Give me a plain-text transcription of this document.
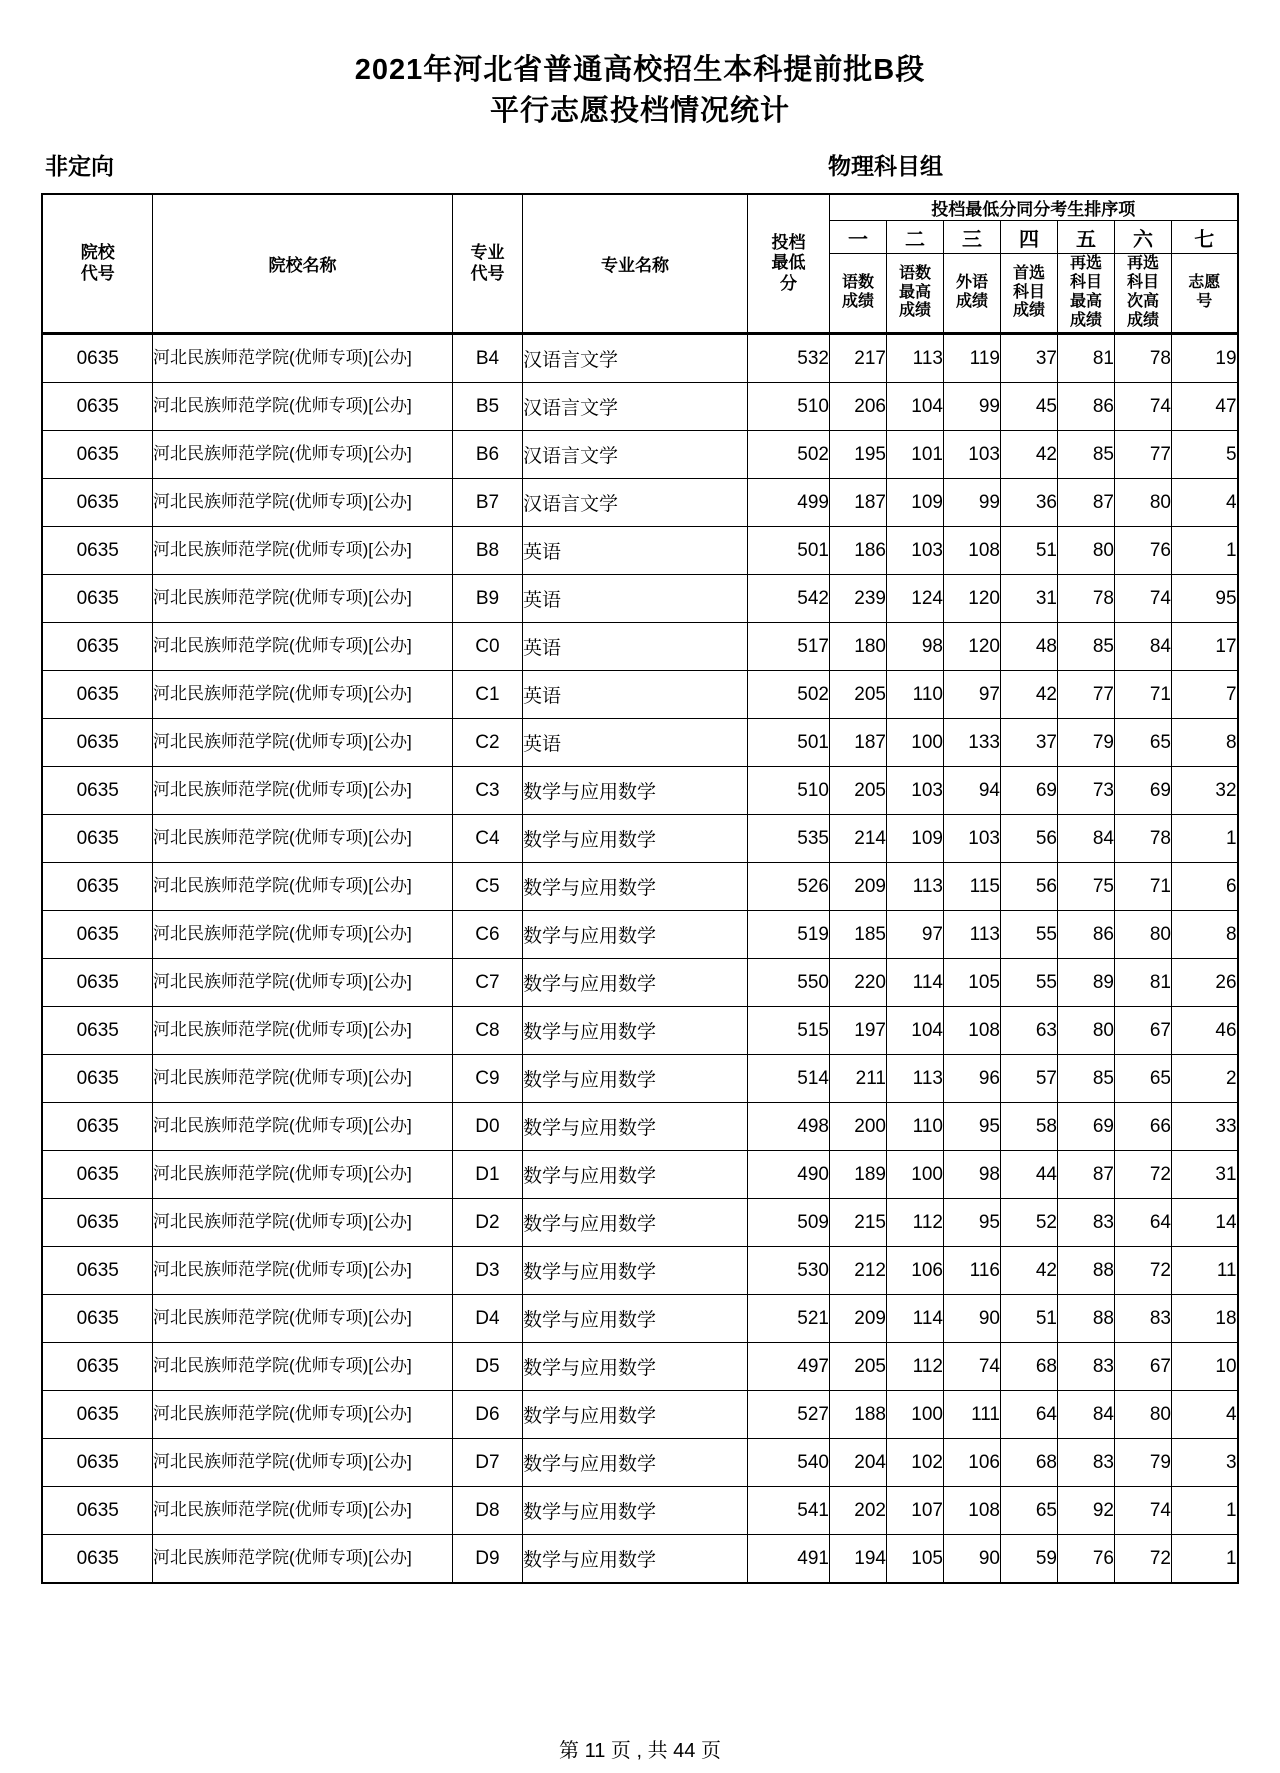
2021年河北省普通高校招生本科提前批B段
平行志愿投档情况统计
非定向	物理科目组
院校代号	院校名称	专业代号	专业名称	投档最低分	投档最低分同分考生排序项						
					一	二	三	四	五	六	七

					语数成绩	语数最高成绩	外语成绩	首选科目成绩	再选科目最高成绩	再选科目次高成绩	志愿号

0635	河北民族师范学院(优师专项)[公办]	B4	汉语言文学	532	217	113	119	37	81	78	19
0635	河北民族师范学院(优师专项)[公办]	B5	汉语言文学	510	206	104	99	45	86	74	47
0635	河北民族师范学院(优师专项)[公办]	B6	汉语言文学	502	195	101	103	42	85	77	5
0635	河北民族师范学院(优师专项)[公办]	B7	汉语言文学	499	187	109	99	36	87	80	4
0635	河北民族师范学院(优师专项)[公办]	B8	英语	501	186	103	108	51	80	76	1
0635	河北民族师范学院(优师专项)[公办]	B9	英语	542	239	124	120	31	78	74	95
0635	河北民族师范学院(优师专项)[公办]	C0	英语	517	180	98	120	48	85	84	17
0635	河北民族师范学院(优师专项)[公办]	C1	英语	502	205	110	97	42	77	71	7
0635	河北民族师范学院(优师专项)[公办]	C2	英语	501	187	100	133	37	79	65	8
0635	河北民族师范学院(优师专项)[公办]	C3	数学与应用数学	510	205	103	94	69	73	69	32
0635	河北民族师范学院(优师专项)[公办]	C4	数学与应用数学	535	214	109	103	56	84	78	1
0635	河北民族师范学院(优师专项)[公办]	C5	数学与应用数学	526	209	113	115	56	75	71	6
0635	河北民族师范学院(优师专项)[公办]	C6	数学与应用数学	519	185	97	113	55	86	80	8
0635	河北民族师范学院(优师专项)[公办]	C7	数学与应用数学	550	220	114	105	55	89	81	26
0635	河北民族师范学院(优师专项)[公办]	C8	数学与应用数学	515	197	104	108	63	80	67	46
0635	河北民族师范学院(优师专项)[公办]	C9	数学与应用数学	514	211	113	96	57	85	65	2
0635	河北民族师范学院(优师专项)[公办]	D0	数学与应用数学	498	200	110	95	58	69	66	33
0635	河北民族师范学院(优师专项)[公办]	D1	数学与应用数学	490	189	100	98	44	87	72	31
0635	河北民族师范学院(优师专项)[公办]	D2	数学与应用数学	509	215	112	95	52	83	64	14
0635	河北民族师范学院(优师专项)[公办]	D3	数学与应用数学	530	212	106	116	42	88	72	11
0635	河北民族师范学院(优师专项)[公办]	D4	数学与应用数学	521	209	114	90	51	88	83	18
0635	河北民族师范学院(优师专项)[公办]	D5	数学与应用数学	497	205	112	74	68	83	67	10
0635	河北民族师范学院(优师专项)[公办]	D6	数学与应用数学	527	188	100	111	64	84	80	4
0635	河北民族师范学院(优师专项)[公办]	D7	数学与应用数学	540	204	102	106	68	83	79	3
0635	河北民族师范学院(优师专项)[公办]	D8	数学与应用数学	541	202	107	108	65	92	74	1
0635	河北民族师范学院(优师专项)[公办]	D9	数学与应用数学	491	194	105	90	59	76	72	1
第 11 页 , 共 44 页
